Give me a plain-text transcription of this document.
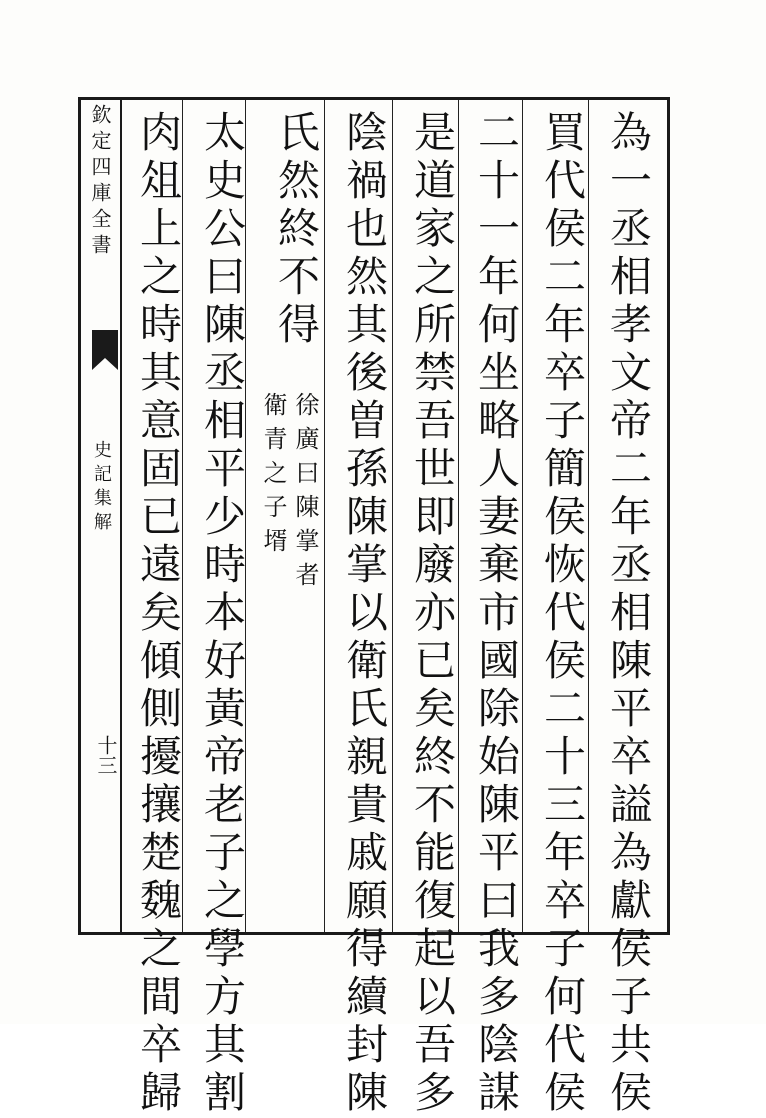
欽定四庫全書
史記集解
十三	為一丞相孝文帝二年丞相陳平卒謚為獻侯子共侯
買代侯二年卒子簡侯恢代侯二十三年卒子何代侯
二十一年何坐略人妻棄市國除始陳平曰我多陰謀
是道家之所禁吾世即廢亦已矣終不能復起以吾多
陰禍也然其後曽孫陳掌以衛氏親貴戚願得續封陳
氏然終不得
徐廣曰陳掌者
衛青之子壻
太史公曰陳丞相平少時本好黃帝老子之學方其割
肉俎上之時其意固已遠矣傾側擾攘楚魏之間卒歸
